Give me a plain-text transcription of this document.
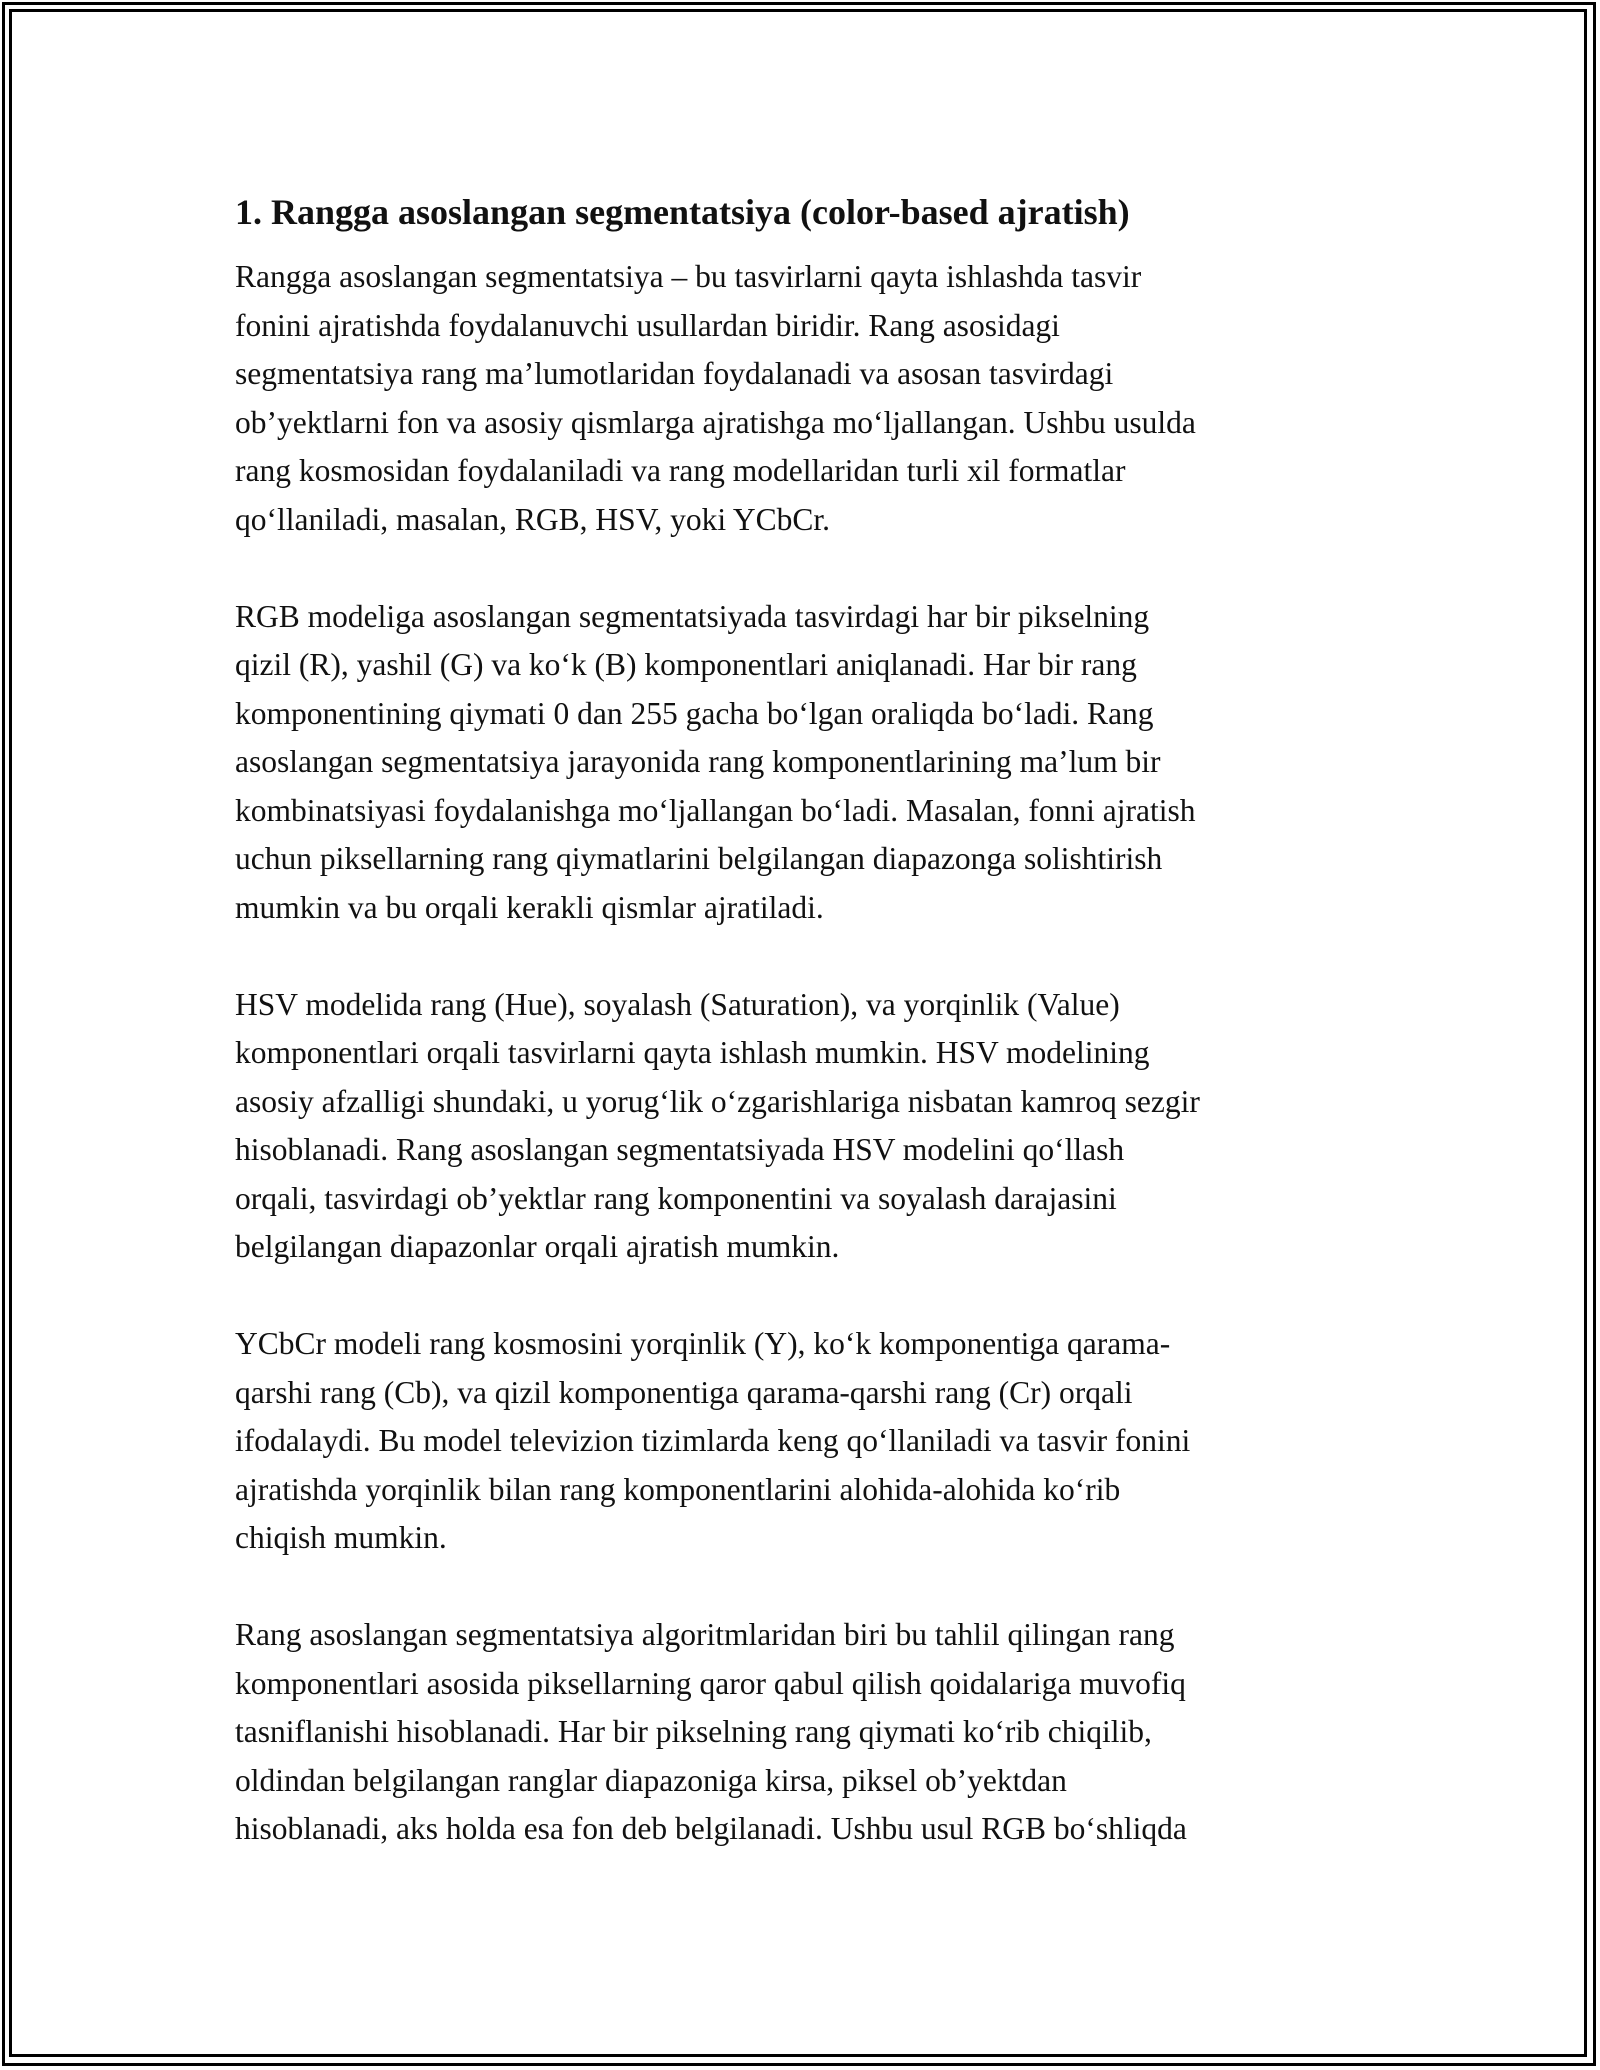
1. Rangga asoslangan segmentatsiya (color-based ajratish)

Rangga asoslangan segmentatsiya – bu tasvirlarni qayta ishlashda tasvir
fonini ajratishda foydalanuvchi usullardan biridir. Rang asosidagi
segmentatsiya rang ma’lumotlaridan foydalanadi va asosan tasvirdagi
ob’yektlarni fon va asosiy qismlarga ajratishga mo‘ljallangan. Ushbu usulda
rang kosmosidan foydalaniladi va rang modellaridan turli xil formatlar
qo‘llaniladi, masalan, RGB, HSV, yoki YCbCr.

RGB modeliga asoslangan segmentatsiyada tasvirdagi har bir pikselning
qizil (R), yashil (G) va ko‘k (B) komponentlari aniqlanadi. Har bir rang
komponentining qiymati 0 dan 255 gacha bo‘lgan oraliqda bo‘ladi. Rang
asoslangan segmentatsiya jarayonida rang komponentlarining ma’lum bir
kombinatsiyasi foydalanishga mo‘ljallangan bo‘ladi. Masalan, fonni ajratish
uchun piksellarning rang qiymatlarini belgilangan diapazonga solishtirish
mumkin va bu orqali kerakli qismlar ajratiladi.

HSV modelida rang (Hue), soyalash (Saturation), va yorqinlik (Value)
komponentlari orqali tasvirlarni qayta ishlash mumkin. HSV modelining
asosiy afzalligi shundaki, u yorug‘lik o‘zgarishlariga nisbatan kamroq sezgir
hisoblanadi. Rang asoslangan segmentatsiyada HSV modelini qo‘llash
orqali, tasvirdagi ob’yektlar rang komponentini va soyalash darajasini
belgilangan diapazonlar orqali ajratish mumkin.

YCbCr modeli rang kosmosini yorqinlik (Y), ko‘k komponentiga qarama-
qarshi rang (Cb), va qizil komponentiga qarama-qarshi rang (Cr) orqali
ifodalaydi. Bu model televizion tizimlarda keng qo‘llaniladi va tasvir fonini
ajratishda yorqinlik bilan rang komponentlarini alohida-alohida ko‘rib
chiqish mumkin.

Rang asoslangan segmentatsiya algoritmlaridan biri bu tahlil qilingan rang
komponentlari asosida piksellarning qaror qabul qilish qoidalariga muvofiq
tasniflanishi hisoblanadi. Har bir pikselning rang qiymati ko‘rib chiqilib,
oldindan belgilangan ranglar diapazoniga kirsa, piksel ob’yektdan
hisoblanadi, aks holda esa fon deb belgilanadi. Ushbu usul RGB bo‘shliqda
